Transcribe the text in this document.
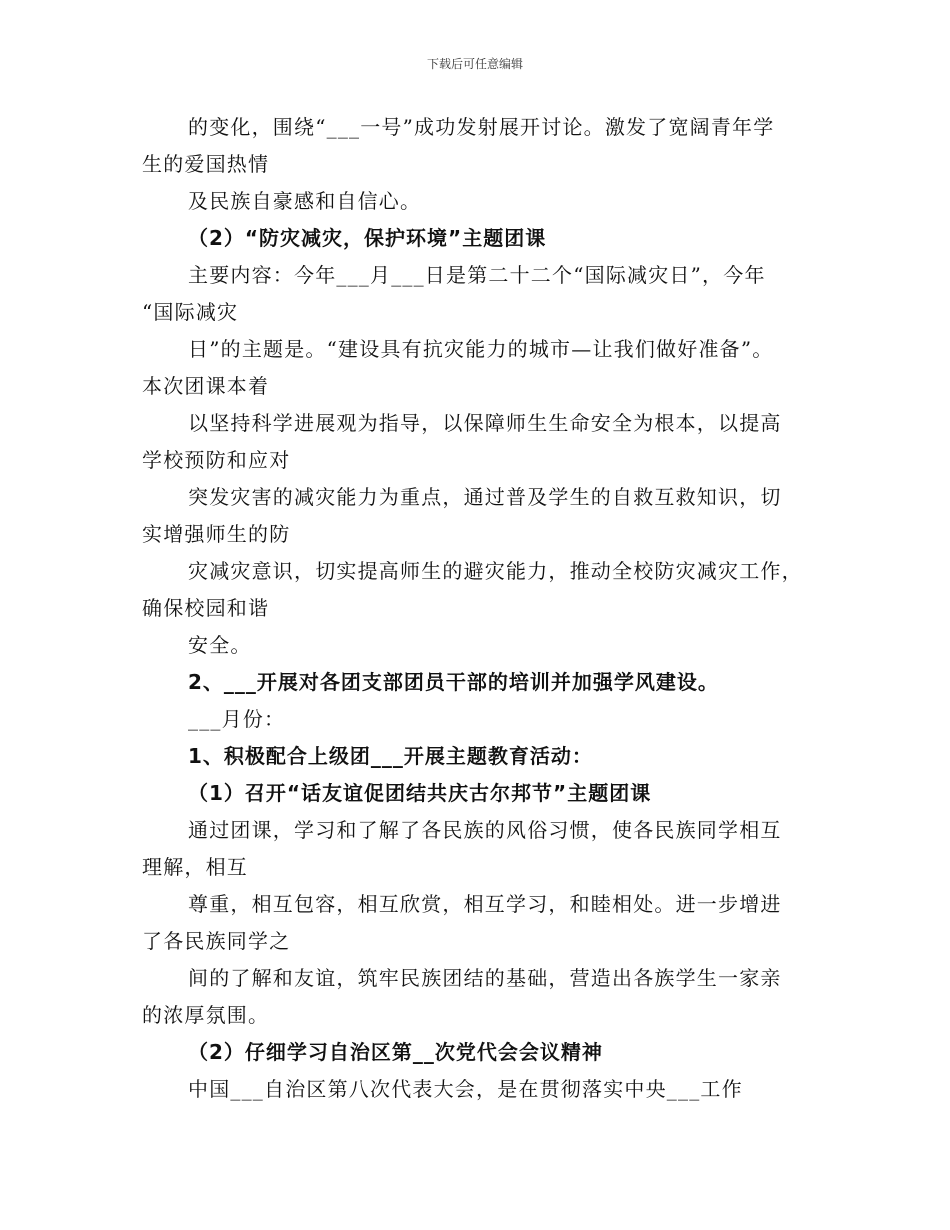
下载后可任意编辑
的变化，围绕“___一号”成功发射展开讨论。激发了宽阔青年学
生的爱国热情
及民族自豪感和自信心。
（2）“防灾减灾，保护环境”主题团课
主要内容：今年___月___日是第二十二个“国际减灾日”，今年
“国际减灾
日”的主题是。“建设具有抗灾能力的城市—让我们做好准备”。
本次团课本着
以坚持科学进展观为指导，以保障师生生命安全为根本，以提高
学校预防和应对
突发灾害的减灾能力为重点，通过普及学生的自救互救知识，切
实增强师生的防
灾减灾意识，切实提高师生的避灾能力，推动全校防灾减灾工作，
确保校园和谐
安全。
2、___开展对各团支部团员干部的培训并加强学风建设。
___月份：
1、积极配合上级团___开展主题教育活动：
（1）召开“话友谊促团结共庆古尔邦节”主题团课
通过团课，学习和了解了各民族的风俗习惯，使各民族同学相互
理解，相互
尊重，相互包容，相互欣赏，相互学习，和睦相处。进一步增进
了各民族同学之
间的了解和友谊，筑牢民族团结的基础，营造出各族学生一家亲
的浓厚氛围。
（2）仔细学习自治区第__次党代会会议精神
中国___自治区第八次代表大会，是在贯彻落实中央___工作
